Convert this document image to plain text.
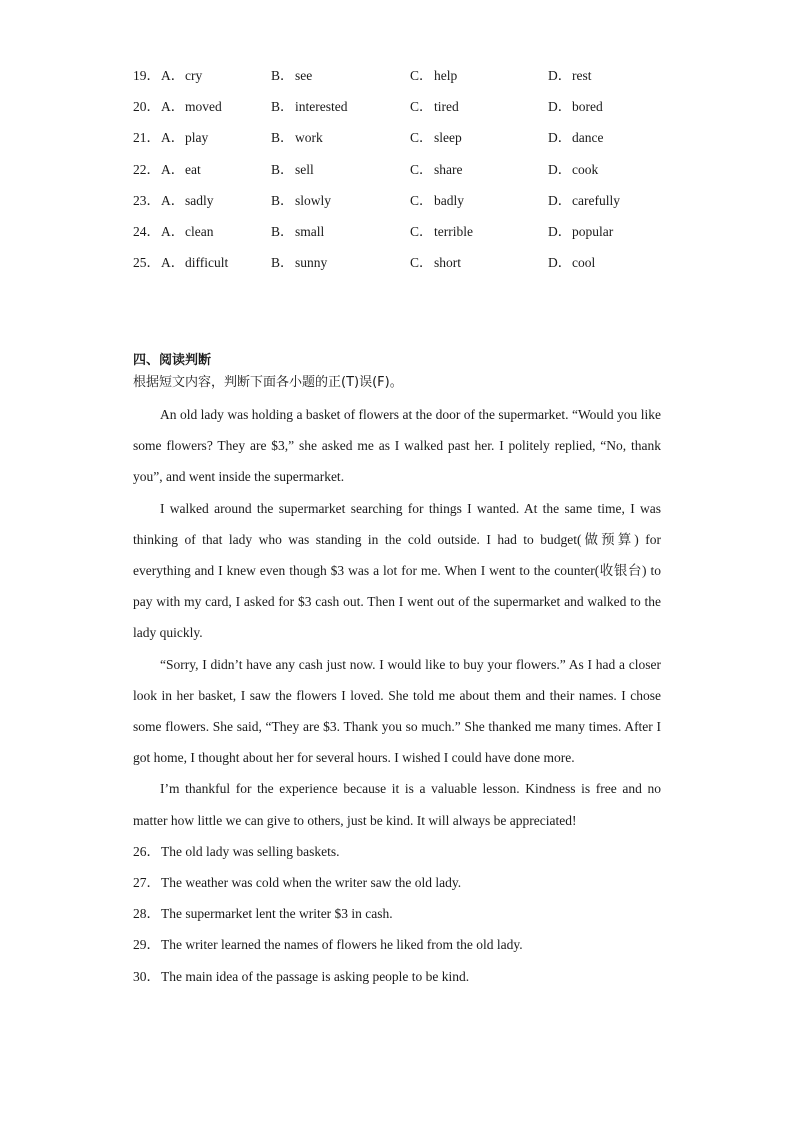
19． A．cry	B．see	C．help	D．rest
20． A．moved	B．interested	C．tired	D．bored
21． A．play	B．work	C．sleep	D．dance
22． A．eat	B．sell	C．share	D．cook
23． A．sadly	B．slowly	C．badly	D．carefully
24． A．clean	B．small	C．terrible	D．popular
25． A．difficult	B．sunny	C．short	D．cool
四、阅读判断
根据短文内容，判断下面各小题的正(T)误(F)。

An old lady was holding a basket of flowers at the door of the supermarket. “Would you like some flowers? They are $3,” she asked me as I walked past her. I politely replied, “No, thank you”, and went inside the supermarket.

I walked around the supermarket searching for things I wanted. At the same time, I was thinking of that lady who was standing in the cold outside. I had to budget(做预算) for everything and I knew even though $3 was a lot for me. When I went to the counter(收银台) to pay with my card, I asked for $3 cash out. Then I went out of the supermarket and walked to the lady quickly.

“Sorry, I didn’t have any cash just now. I would like to buy your flowers.” As I had a closer look in her basket, I saw the flowers I loved. She told me about them and their names. I chose some flowers. She said, “They are $3. Thank you so much.” She thanked me many times. After I got home, I thought about her for several hours. I wished I could have done more.

I’m thankful for the experience because it is a valuable lesson. Kindness is free and no matter how little we can give to others, just be kind. It will always be appreciated!

26．The old lady was selling baskets.
27．The weather was cold when the writer saw the old lady.
28．The supermarket lent the writer $3 in cash.
29．The writer learned the names of flowers he liked from the old lady.
30．The main idea of the passage is asking people to be kind.
